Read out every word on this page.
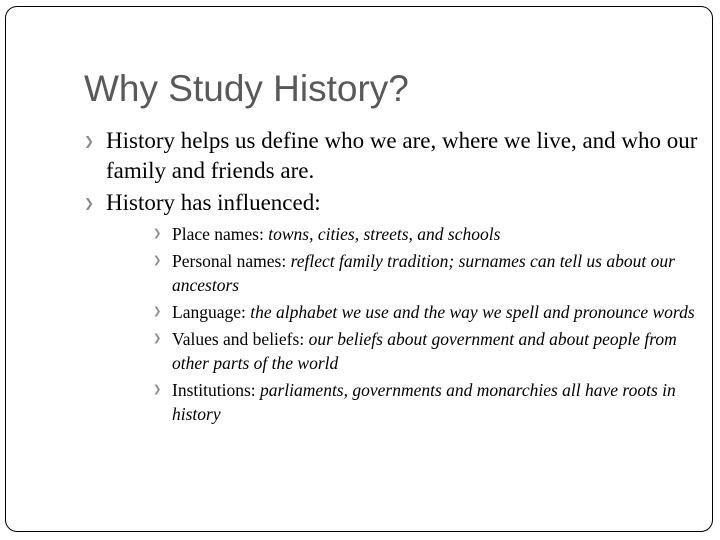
Why Study History?
❯ History helps us define who we are, where we live, and who our family and friends are.
❯ History has influenced:
❯ Place names: towns, cities, streets, and schools
❯ Personal names: reflect family tradition; surnames can tell us about our ancestors
❯ Language: the alphabet we use and the way we spell and pronounce words
❯ Values and beliefs: our beliefs about government and about people from other parts of the world
❯ Institutions: parliaments, governments and monarchies all have roots in history
